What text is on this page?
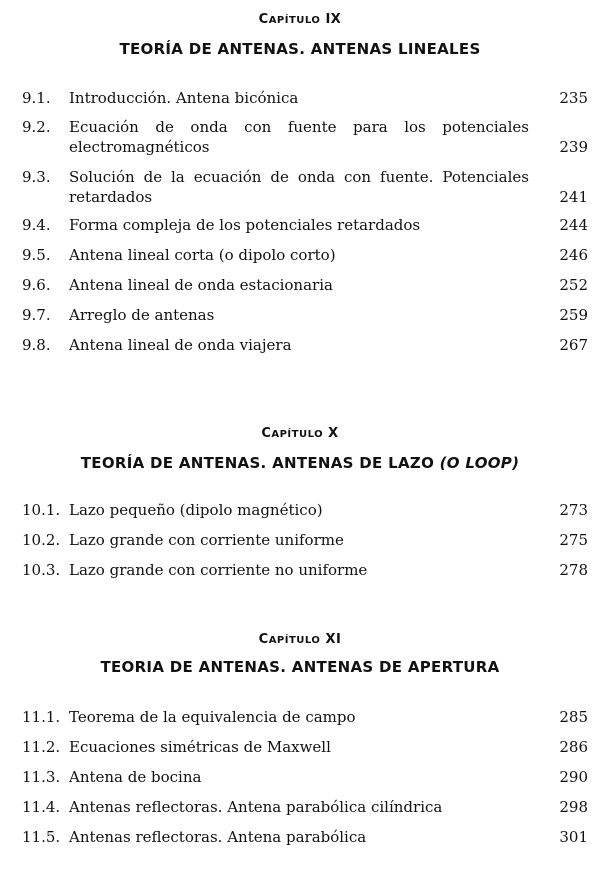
CAPÍTULO IX
TEORÍA DE ANTENAS. ANTENAS LINEALES
9.1. Introducción. Antena bicónica	235
9.2. Ecuación de onda con fuente para los potenciales electromagnéticos	239
9.3. Solución de la ecuación de onda con fuente. Potenciales retardados	241
9.4. Forma compleja de los potenciales retardados	244
9.5. Antena lineal corta (o dipolo corto)	246
9.6. Antena lineal de onda estacionaria	252
9.7. Arreglo de antenas	259
9.8. Antena lineal de onda viajera	267
CAPÍTULO X
TEORÍA DE ANTENAS. ANTENAS DE LAZO (O LOOP)
10.1. Lazo pequeño (dipolo magnético)	273
10.2. Lazo grande con corriente uniforme	275
10.3. Lazo grande con corriente no uniforme	278
CAPÍTULO XI
TEORIA DE ANTENAS. ANTENAS DE APERTURA
11.1. Teorema de la equivalencia de campo	285
11.2. Ecuaciones simétricas de Maxwell	286
11.3. Antena de bocina	290
11.4. Antenas reflectoras. Antena parabólica cilíndrica	298
11.5. Antenas reflectoras. Antena parabólica	301
